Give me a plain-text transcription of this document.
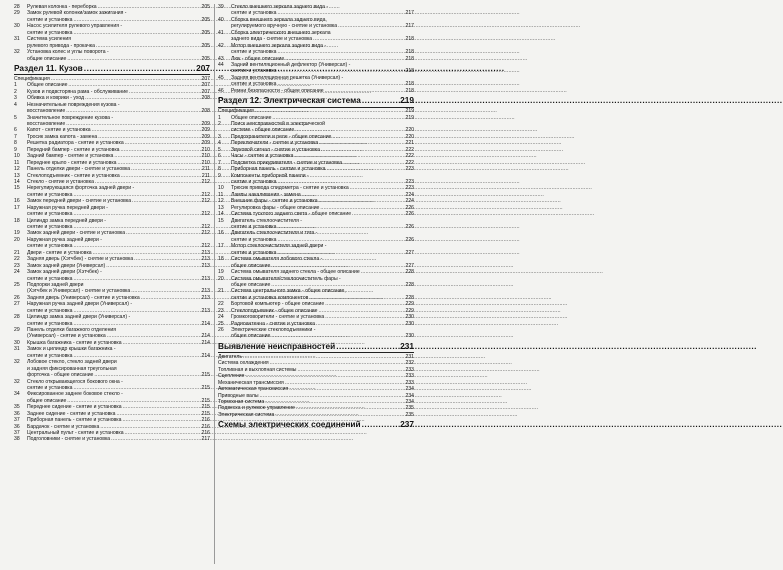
28	Рулевая колонка - переборка .....	205
29	Замок рулевой колонки/замок зажигания -
снятие и установка .....	205
30	Насос усилителя рулевого управления -
снятие и установка .....	205
31	Система усиления
рулевого привода - прокачка .....	205
32	Установка колес и углы поворота -
общие описание .....	205
Раздел 11. Кузов .....	207
Спецификация .....	207
1	Общее описание .....	207
2	Кузов и подвсторяна рама - обслуживание .....	207
3	Обивка и коврики - уход .....	208
4	Незначительные повреждения кузова -
восстановление .....	208
5	Значительное повреждение кузова -
восстановление .....	209
6	Капот - снятие и установка .....	209
7	Тросик замка капота - замена .....	209
8	Решетка радиатора - снятие и установка .....	209
9	Передний бампер - снятие и установка .....	210
10	Задний бампер - снятие и установка .....	210
11	Переднее крыло - снятие и установка .....	210
12	Панель отделки двери - снятие и установка .....	211
13	Стеклоподъемник - снятие и установка .....	211
14	Стекло - снятие и установка .....	212
15	Нерегулирующаяся форточка задней двери -
снятие и установка .....	212
16	Замок передней двери - снятие и установка .....	212
17	Наружная ручка передней двери -
снятие и установка .....	212
18	Цилиндр замка передней двери -
снятие и установка .....	212
19	Замок задней двери - снятие и установка .....	212
20	Наружная ручка задней двери -
снятие и установка .....	212
21	Двери - снятие и установка .....	213
22	Задняя дверь (Хэтчбек) - снятие и установка .....	213
23	Замок задней двери (Универсал) .....	213
24	Замок задней двери (Хэтчбек) -
снятие и установка .....	213
25	Подпорки задней двери
(Хэтчбек и Универсал) - снятие и установка .....	213
26	Задняя дверь (Универсал) - снятие и установка .....	213
27	Наружная ручка задней двери (Универсал) -
снятие и установка .....	213
28	Цилиндр замка задней двери (Универсал) -
снятие и установка .....	214
29	Панель отделки багажного отделения
(Универсал) - снятие и установка .....	214
30	Крышка багажника - снятие и установка .....	214
31	Замок и цилиндр крышки багажника -
снятие и установка .....	214
32	Лобовое стекло, стекло задней двери
и задняя фиксированная треугольная
форточка - общее описание .....	215
32	Стекло открывающегося бокового окна -
снятие и установка .....	215
34	Фиксированное заднее боковое стекло -
общее описание .....	215
35	Переднее сидение - снятие и установка .....	215
36	Заднее сидение - снятие и установка .....	215
37	Приборная панель - снятие и установка .....	216
36	Бардачок - снятие и установка .....	216
37	Центральный пульт - снятие и установка .....	216
38	Подголовники - снятие и установка .....	217
39	Стекло внешнего зеркала заднего вида -
снятие и установка .....	217
40	Сборка внешнего зеркала заднего вида,
регулируемого вручную - снятие и установка .....	217
41	Сборка электрического внешнего зеркала
заднего вида - снятие и установка .....	218
42	Мотор внешнего зеркала заднего вида -
снятие и установка .....	218
43	Люк - общее описание .....	218
44	Задний вентиляционный дефлектор (Универсал) -
снятие и установка .....	218
45	Задняя вентиляционная решетка (Универсал) -
снятие и установка .....	218
46	Ремни безопасности - общее описание .....	218
Раздел 12. Электрическая система .....	219
Спецификация .....	219
1	Общее описание .....	219
2	Поиск неисправностей в электрической
системе - общее описание .....	220
3	Предохранители и реле - общее описание .....	220
4	Переключатели - снятие и установка .....	221
5	Звуковой сигнал - снятие и установка .....	222
6	Часы - снятие и установка .....	222
7	Подсветка прикуривателя - снятие и установка .....	222
8	Приборная панель - снятие и установка .....	223
9	Компоненты приборной панели -
снятие и установка .....	223
10	Трюсик привода спидометра - снятие и установка .....	223
11	Лампы накаливания - замена .....	224
12	Внешние фары - снятие и установка .....	224
13	Регулировка фары - общее описание .....	226
14	Система тусклого заднего света - общее описание .....	226
15	Двигатель стеклоочистителя -
снятие и установка .....	226
16	Двигатель стеклоочистителя и тяга -
снятие и установка .....	226
17	Мотор стеклоочистителя задней двери -
снятие и установка .....	227
18	Система омывателя лобового стекла -
общее описание .....	227
19	Система омывателя заднего стекла - общее описание .....	228
20	Система омывателя/стеклоочиститель фары -
общее описание .....	228
21	Система центрального замка - общее описание,
снятие и установка компонентов .....	228
22	Бортовой компьютер - общее описание .....	229
23	Стеклоподъемник - общее описание .....	229
24	Громкоговорители - снятие и установка .....	230
25	Радиоантенна - снятие и установка .....	230
26	Электрические стеклоподъемники -
общее описание .....	230
Выявление неисправностей .....	231
Двигатель .....	231
Система охлаждения .....	232
Топливная и выхлопная системы .....	233
Сцепление .....	233
Механическая трансмиссия .....	233
Автоматическая трансмиссия .....	234
Приводные валы .....	234
Тормозная система .....	234
Подвеска и рулевое управление .....	235
Электрическая система .....	235
Схемы электрических соединений .....	237
